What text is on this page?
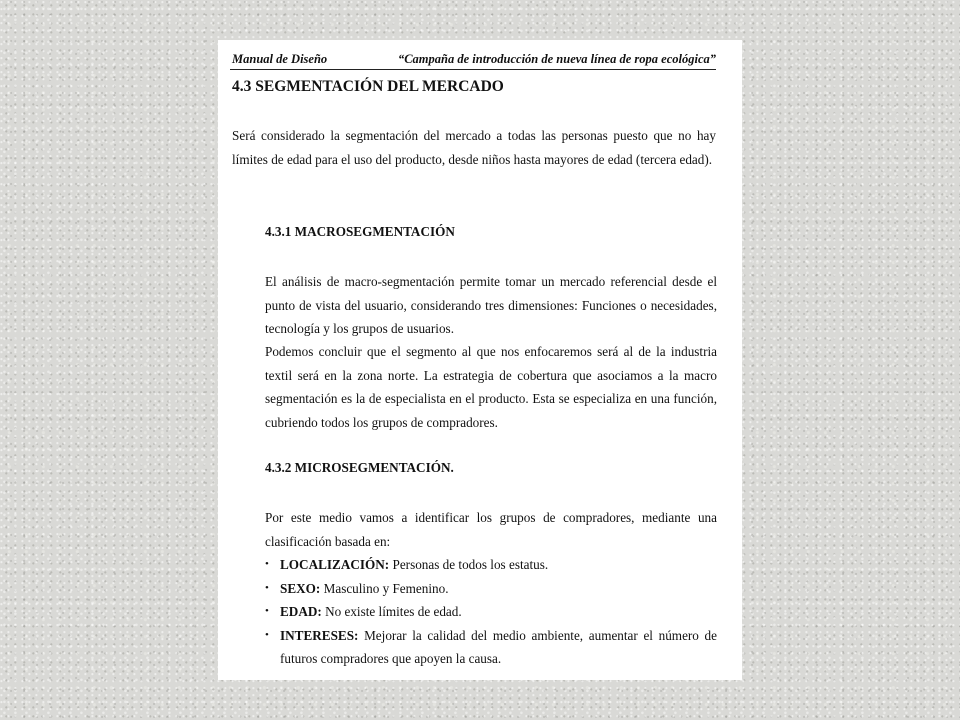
Manual de Diseño	“Campaña de introducción de nueva línea de ropa ecológica”
4.3 SEGMENTACIÓN DEL MERCADO
Será considerado la segmentación del mercado a todas las personas puesto que no hay límites de edad para el uso del producto, desde niños hasta mayores de edad (tercera edad).
4.3.1 MACROSEGMENTACIÓN
El análisis de macro-segmentación permite tomar un mercado referencial desde el punto de vista del usuario, considerando tres dimensiones: Funciones o necesidades, tecnología y los grupos de usuarios.
Podemos concluir que el segmento al que nos enfocaremos será al de la industria textil será en la zona norte. La estrategia de cobertura que asociamos a la macro segmentación es la de especialista en el producto. Esta se especializa en una función, cubriendo todos los grupos de compradores.
4.3.2 MICROSEGMENTACIÓN.
Por este medio vamos a identificar los grupos de compradores, mediante una clasificación basada en:
• LOCALIZACIÓN: Personas de todos los estatus.
• SEXO: Masculino y Femenino.
• EDAD: No existe límites de edad.
• INTERESES: Mejorar la calidad del medio ambiente, aumentar el número de futuros compradores que apoyen la causa.
